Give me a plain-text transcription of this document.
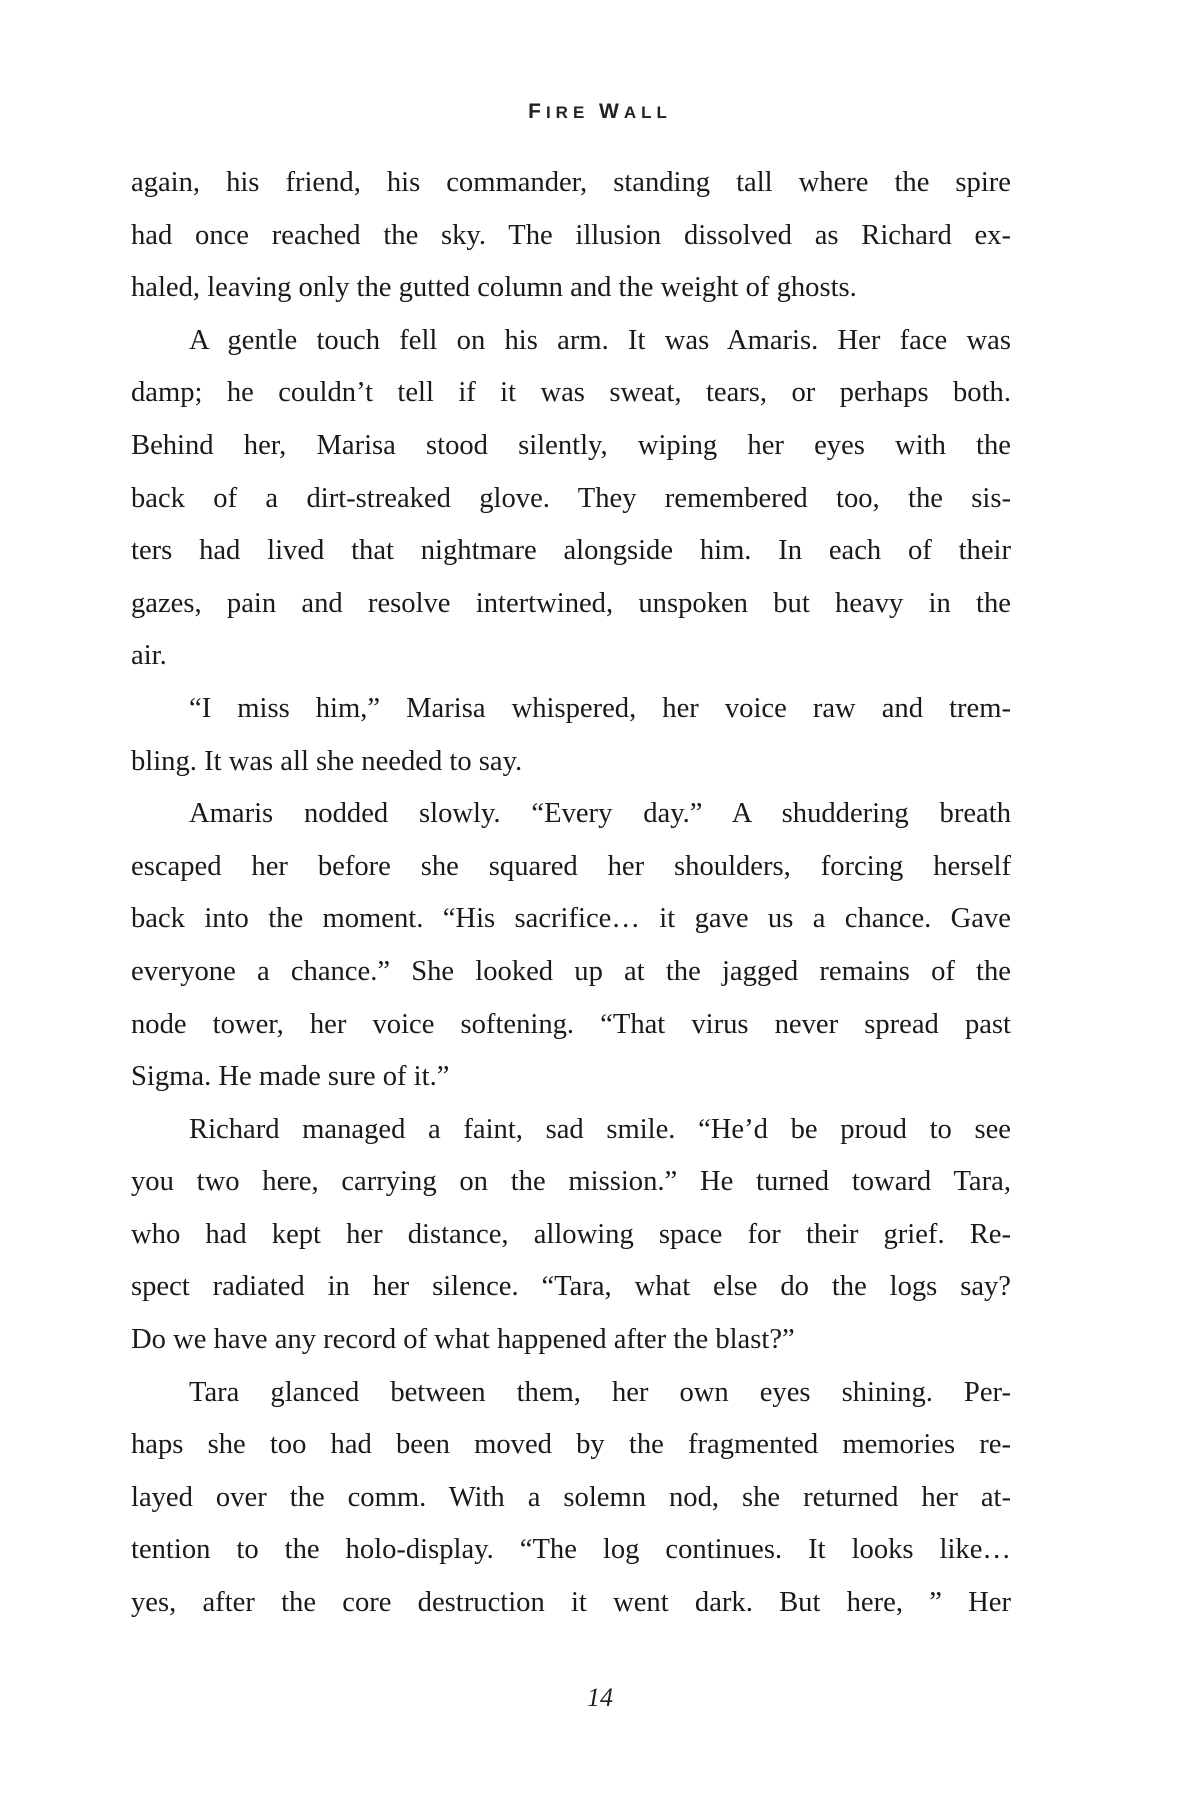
FIRE WALL
again, his friend, his commander, standing tall where the spire
had once reached the sky. The illusion dissolved as Richard ex-
haled, leaving only the gutted column and the weight of ghosts.
A gentle touch fell on his arm. It was Amaris. Her face was
damp; he couldn’t tell if it was sweat, tears, or perhaps both.
Behind her, Marisa stood silently, wiping her eyes with the
back of a dirt-streaked glove. They remembered too, the sis-
ters had lived that nightmare alongside him. In each of their
gazes, pain and resolve intertwined, unspoken but heavy in the
air.
“I miss him,” Marisa whispered, her voice raw and trem-
bling. It was all she needed to say.
Amaris nodded slowly. “Every day.” A shuddering breath
escaped her before she squared her shoulders, forcing herself
back into the moment. “His sacrifice… it gave us a chance. Gave
everyone a chance.” She looked up at the jagged remains of the
node tower, her voice softening. “That virus never spread past
Sigma. He made sure of it.”
Richard managed a faint, sad smile. “He’d be proud to see
you two here, carrying on the mission.” He turned toward Tara,
who had kept her distance, allowing space for their grief. Re-
spect radiated in her silence. “Tara, what else do the logs say?
Do we have any record of what happened after the blast?”
Tara glanced between them, her own eyes shining. Per-
haps she too had been moved by the fragmented memories re-
layed over the comm. With a solemn nod, she returned her at-
tention to the holo-display. “The log continues. It looks like…
yes, after the core destruction it went dark. But here, ” Her
14
